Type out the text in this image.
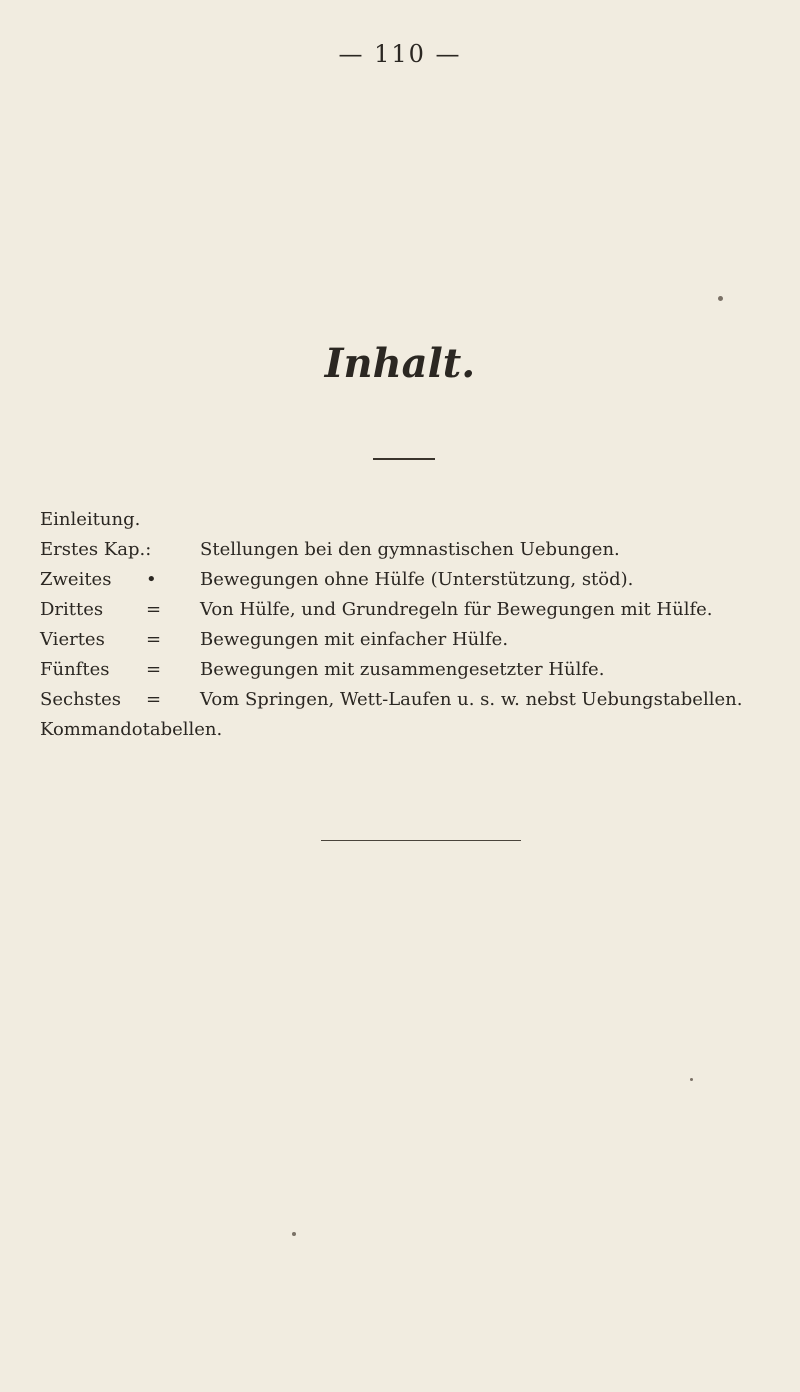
— 110 —
Inhalt.
Einleitung.
Erstes Kap.:	Stellungen bei den gymnastischen Uebungen.
Zweites • Bewegungen ohne Hülfe (Unterstützung, stöd).
Drittes = Von Hülfe, und Grundregeln für Bewegungen mit Hülfe.
Viertes = Bewegungen mit einfacher Hülfe.
Fünftes = Bewegungen mit zusammengesetzter Hülfe.
Sechstes = Vom Springen, Wett-Laufen u. s. w. nebst Uebungstabellen.
Kommandotabellen.
